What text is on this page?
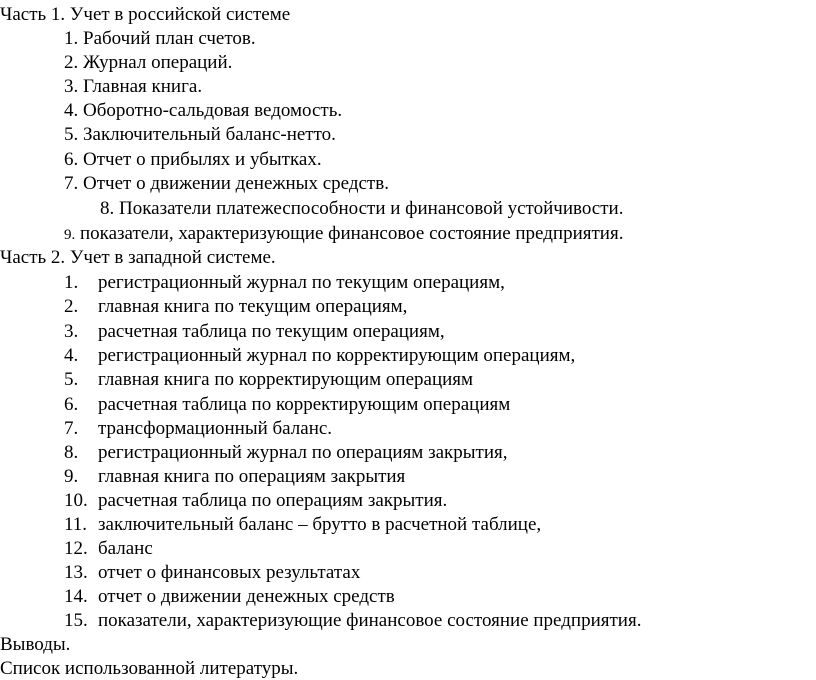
Часть 1. Учет в российской системе
1. Рабочий план счетов.
2. Журнал операций.
3. Главная книга.
4. Оборотно-сальдовая ведомость.
5. Заключительный баланс-нетто.
6. Отчет о прибылях и убытках.
7. Отчет о движении денежных средств.
8. Показатели платежеспособности и финансовой устойчивости.
9. показатели, характеризующие финансовое состояние предприятия.
Часть 2. Учет в западной системе.
1. регистрационный журнал по текущим операциям,
2. главная книга по текущим операциям,
3. расчетная таблица по текущим операциям,
4. регистрационный журнал по корректирующим операциям,
5. главная книга по корректирующим операциям
6. расчетная таблица по корректирующим операциям
7. трансформационный баланс.
8. регистрационный журнал по операциям закрытия,
9. главная книга по операциям закрытия
10. расчетная таблица по операциям закрытия.
11. заключительный баланс – брутто в расчетной таблице,
12. баланс
13. отчет о финансовых результатах
14. отчет о движении денежных средств
15. показатели, характеризующие финансовое состояние предприятия.
Выводы.
Список использованной литературы.
